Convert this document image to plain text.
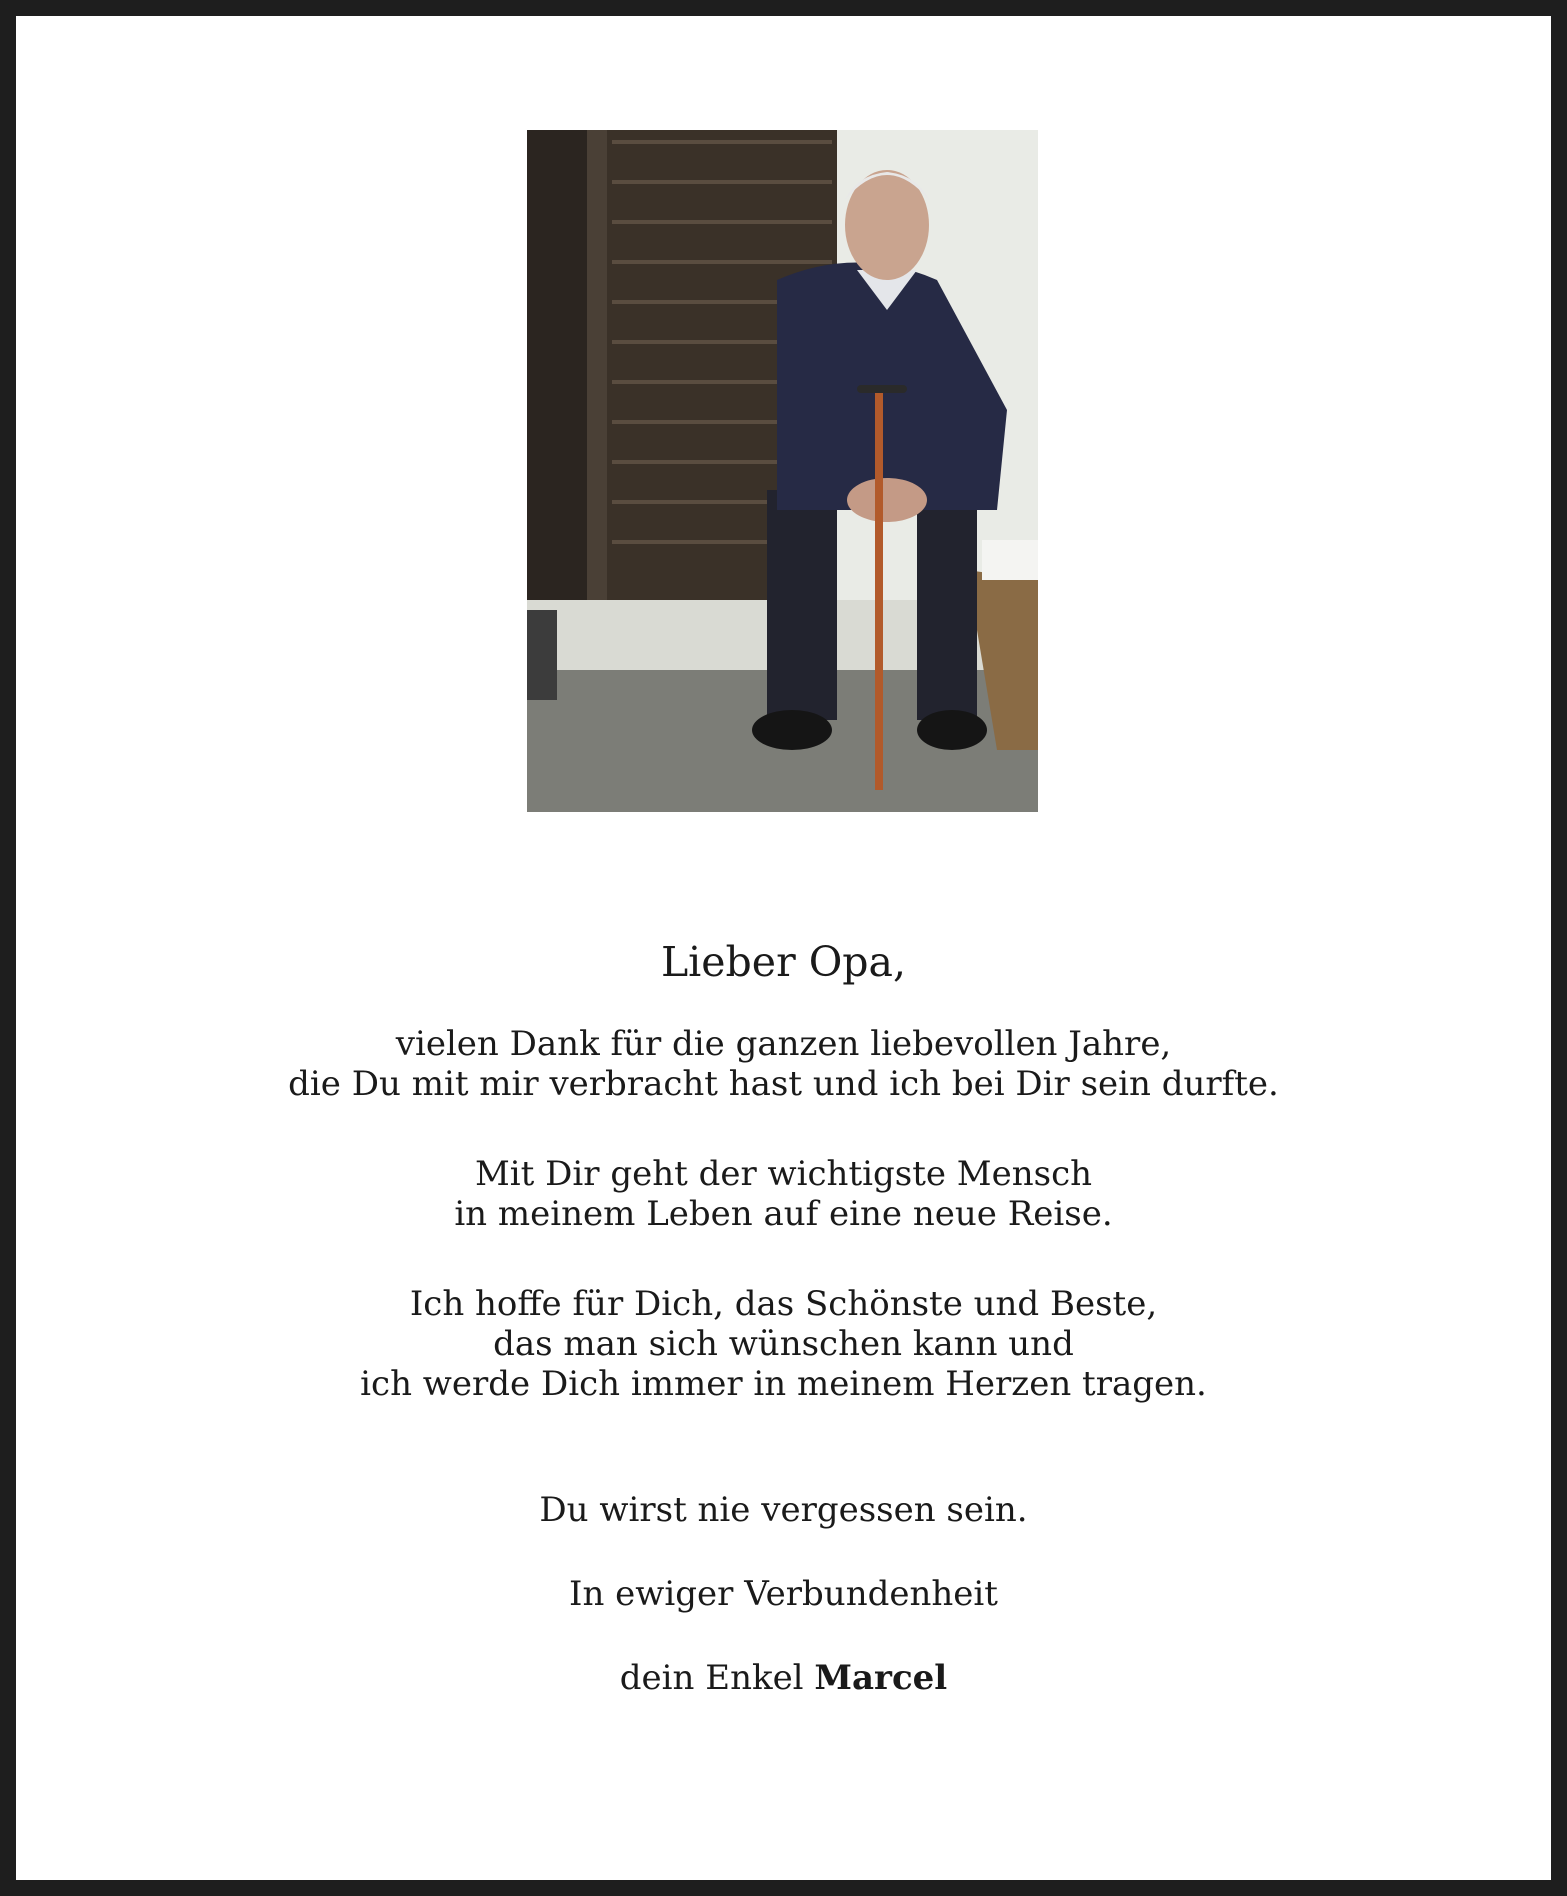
Lieber Opa,
vielen Dank für die ganzen liebevollen Jahre,
die Du mit mir verbracht hast und ich bei Dir sein durfte.
Mit Dir geht der wichtigste Mensch
in meinem Leben auf eine neue Reise.
Ich hoffe für Dich, das Schönste und Beste,
das man sich wünschen kann und
ich werde Dich immer in meinem Herzen tragen.
Du wirst nie vergessen sein.
In ewiger Verbundenheit
dein Enkel Marcel
